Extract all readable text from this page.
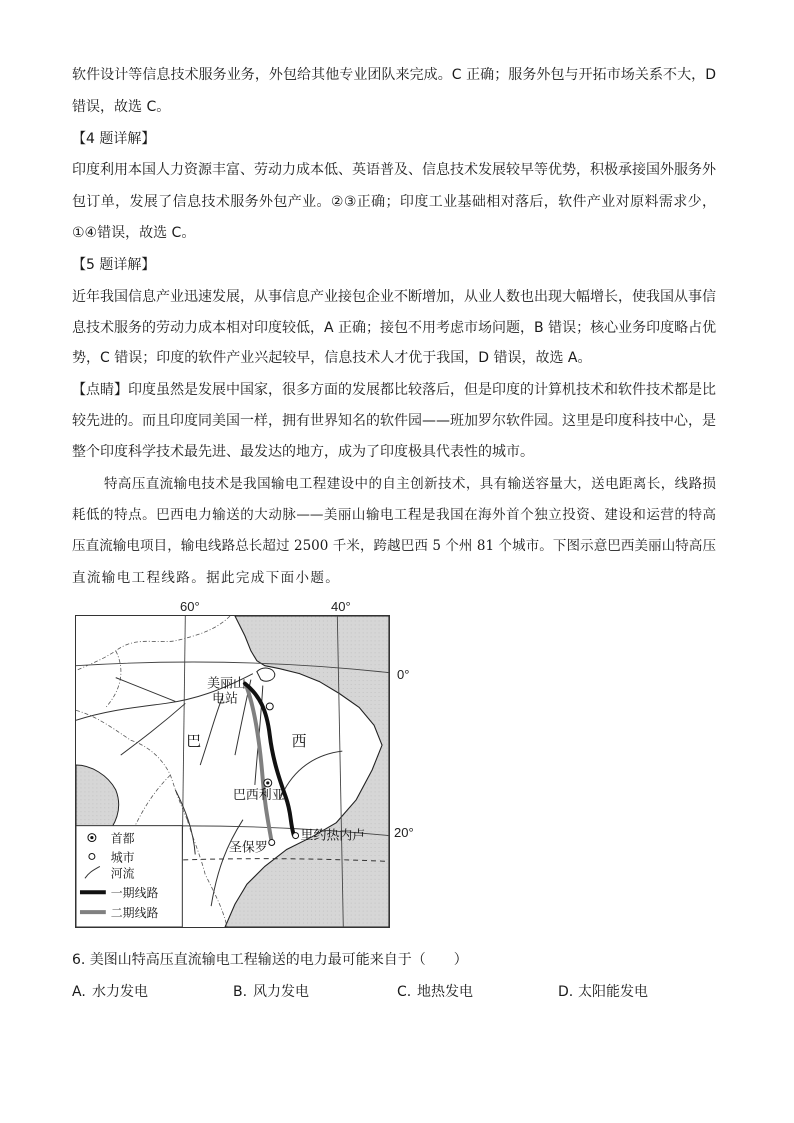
软件设计等信息技术服务业务，外包给其他专业团队来完成。C 正确；服务外包与开拓市场关系不大，D
错误，故选 C。
【4 题详解】
印度利用本国人力资源丰富、劳动力成本低、英语普及、信息技术发展较早等优势，积极承接国外服务外
包订单，发展了信息技术服务外包产业。②③正确；印度工业基础相对落后，软件产业对原料需求少，
①④错误，故选 C。
【5 题详解】
近年我国信息产业迅速发展，从事信息产业接包企业不断增加，从业人数也出现大幅增长，使我国从事信
息技术服务的劳动力成本相对印度较低，A 正确；接包不用考虑市场问题，B 错误；核心业务印度略占优
势，C 错误；印度的软件产业兴起较早，信息技术人才优于我国，D 错误，故选 A。
【点睛】印度虽然是发展中国家，很多方面的发展都比较落后，但是印度的计算机技术和软件技术都是比
较先进的。而且印度同美国一样，拥有世界知名的软件园——班加罗尔软件园。这里是印度科技中心，是
整个印度科学技术最先进、最发达的地方，成为了印度极具代表性的城市。
特高压直流输电技术是我国输电工程建设中的自主创新技术，具有输送容量大，送电距离长，线路损
耗低的特点。巴西电力输送的大动脉——美丽山输电工程是我国在海外首个独立投资、建设和运营的特高
压直流输电项目，输电线路总长超过 2500 千米，跨越巴西 5 个州 81 个城市。下图示意巴西美丽山特高压
直流输电工程线路。据此完成下面小题。
60°	40°
0°
20°
美丽山
电站
巴	西
巴西利亚
里约热内卢
圣保罗
首都
城市
河流
一期线路
二期线路
6. 美图山特高压直流输电工程输送的电力最可能来自于（　　）
A. 水力发电	B. 风力发电	C. 地热发电	D. 太阳能发电
